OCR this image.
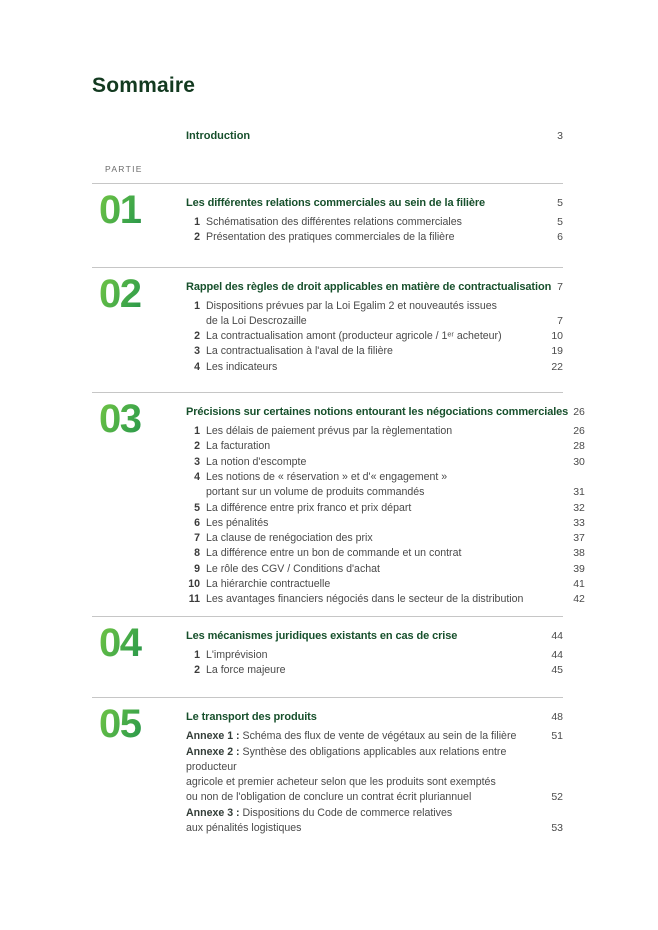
Sommaire
Introduction	3
PARTIE
01	Les différentes relations commerciales au sein de la filière	5
1 Schématisation des différentes relations commerciales	5
2 Présentation des pratiques commerciales de la filière	6
02	Rappel des règles de droit applicables en matière de contractualisation 7
1 Dispositions prévues par la Loi Egalim 2 et nouveautés issues
de la Loi Descrozaille	7
2 La contractualisation amont (producteur agricole / 1ᵉʳ acheteur)	10
3 La contractualisation à l'aval de la filière	19
4 Les indicateurs	22
03	Précisions sur certaines notions entourant les négociations commerciales 26
1 Les délais de paiement prévus par la règlementation	26
2 La facturation	28
3 La notion d'escompte	30
4 Les notions de « réservation » et d'« engagement »
portant sur un volume de produits commandés	31
5 La différence entre prix franco et prix départ	32
6 Les pénalités	33
7 La clause de renégociation des prix	37
8 La différence entre un bon de commande et un contrat	38
9 Le rôle des CGV / Conditions d'achat	39
10 La hiérarchie contractuelle	41
11 Les avantages financiers négociés dans le secteur de la distribution	42
04	Les mécanismes juridiques existants en cas de crise	44
1 L'imprévision	44
2 La force majeure	45
05	Le transport des produits	48
Annexe 1 : Schéma des flux de vente de végétaux au sein de la filière	51
Annexe 2 : Synthèse des obligations applicables aux relations entre producteur
agricole et premier acheteur selon que les produits sont exemptés
ou non de l'obligation de conclure un contrat écrit pluriannuel	52
Annexe 3 : Dispositions du Code de commerce relatives
aux pénalités logistiques	53
